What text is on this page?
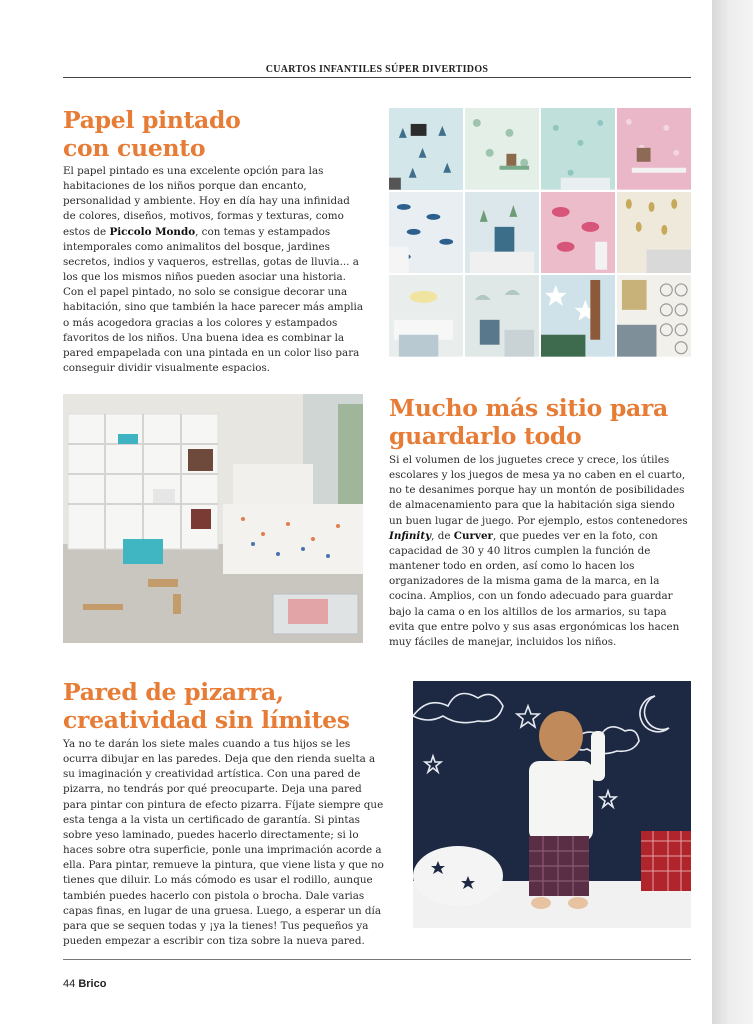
CUARTOS INFANTILES SÚPER DIVERTIDOS
Papel pintado
con cuento

El papel pintado es una excelente opción para las habitaciones de los niños porque dan encanto, personalidad y ambiente. Hoy en día hay una infinidad de colores, diseños, motivos, formas y texturas, como estos de Piccolo Mondo, con temas y estampados intemporales como animalitos del bosque, jardines secretos, indios y vaqueros, estrellas, gotas de lluvia... a los que los mismos niños pueden asociar una historia. Con el papel pintado, no solo se consigue decorar una habitación, sino que también la hace parecer más amplia o más acogedora gracias a los colores y estampados favoritos de los niños. Una buena idea es combinar la pared empapelada con una pintada en un color liso para conseguir dividir visualmente espacios.

Mucho más sitio para
guardarlo todo

Si el volumen de los juguetes crece y crece, los útiles escolares y los juegos de mesa ya no caben en el cuarto, no te desanimes porque hay un montón de posibilidades de almacenamiento para que la habitación siga siendo un buen lugar de juego. Por ejemplo, estos contenedores Infinity, de Curver, que puedes ver en la foto, con capacidad de 30 y 40 litros cumplen la función de mantener todo en orden, así como lo hacen los organizadores de la misma gama de la marca, en la cocina. Amplios, con un fondo adecuado para guardar bajo la cama o en los altillos de los armarios, su tapa evita que entre polvo y sus asas ergonómicas los hacen muy fáciles de manejar, incluidos los niños.

Pared de pizarra,
creatividad sin límites

Ya no te darán los siete males cuando a tus hijos se les ocurra dibujar en las paredes. Deja que den rienda suelta a su imaginación y creatividad artística. Con una pared de pizarra, no tendrás por qué preocuparte. Deja una pared para pintar con pintura de efecto pizarra. Fíjate siempre que esta tenga a la vista un certificado de garantía. Si pintas sobre yeso laminado, puedes hacerlo directamente; si lo haces sobre otra superficie, ponle una imprimación acorde a ella. Para pintar, remueve la pintura, que viene lista y que no tienes que diluir. Lo más cómodo es usar el rodillo, aunque también puedes hacerlo con pistola o brocha. Dale varias capas finas, en lugar de una gruesa. Luego, a esperar un día para que se sequen todas y ¡ya la tienes! Tus pequeños ya pueden empezar a escribir con tiza sobre la nueva pared.

44 Brico
